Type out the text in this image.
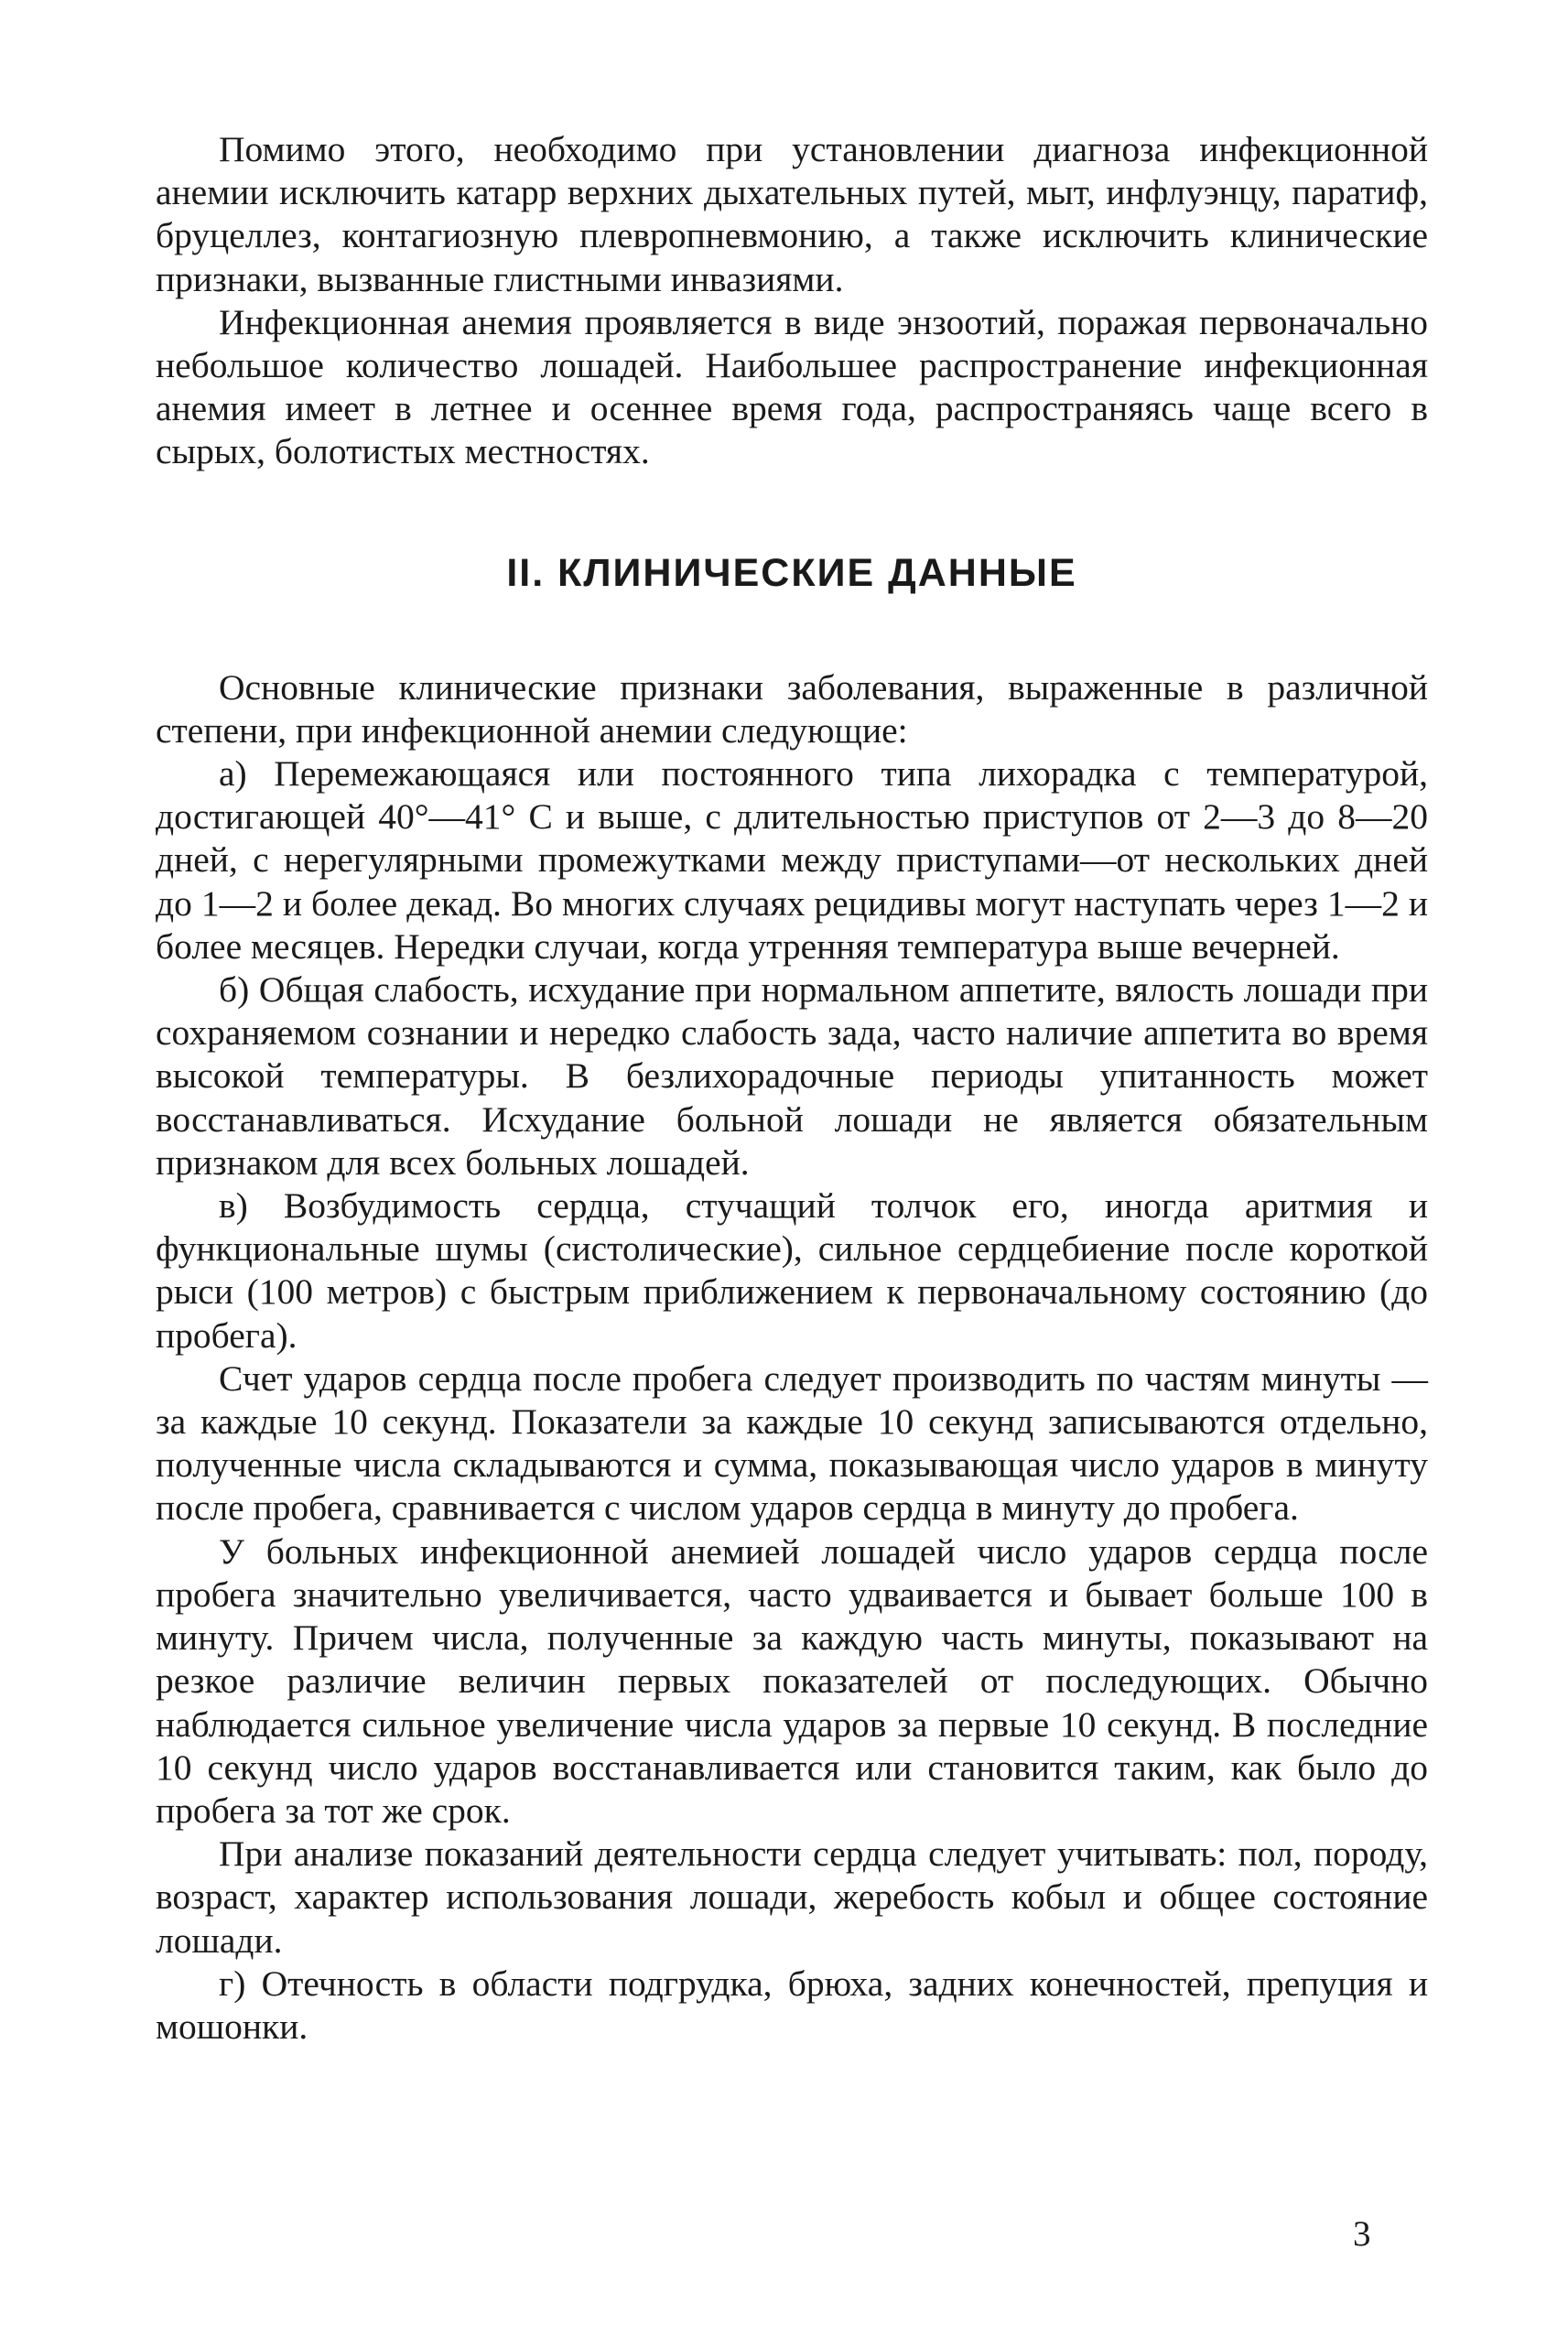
Помимо этого, необходимо при установлении диагноза инфекционной анемии исключить катарр верхних дыхательных путей, мыт, инфлуэнцу, паратиф, бруцеллез, контагиозную плевропневмонию, а также исключить клинические признаки, вызванные глистными инвазиями.

Инфекционная анемия проявляется в виде энзоотий, поражая первоначально небольшое количество лошадей. Наибольшее распространение инфекционная анемия имеет в летнее и осеннее время года, распространяясь чаще всего в сырых, болотистых местностях.

II. КЛИНИЧЕСКИЕ ДАННЫЕ

Основные клинические признаки заболевания, выраженные в различной степени, при инфекционной анемии следующие:

а) Перемежающаяся или постоянного типа лихорадка с температурой, достигающей 40°—41° С и выше, с длительностью приступов от 2—3 до 8—20 дней, с нерегулярными промежутками между приступами—от нескольких дней до 1—2 и более декад. Во многих случаях рецидивы могут наступать через 1—2 и более месяцев. Нередки случаи, когда утренняя температура выше вечерней.

б) Общая слабость, исхудание при нормальном аппетите, вялость лошади при сохраняемом сознании и нередко слабость зада, часто наличие аппетита во время высокой температуры. В безлихорадочные периоды упитанность может восстанавливаться. Исхудание больной лошади не является обязательным признаком для всех больных лошадей.

в) Возбудимость сердца, стучащий толчок его, иногда аритмия и функциональные шумы (систолические), сильное сердцебиение после короткой рыси (100 метров) с быстрым приближением к первоначальному состоянию (до пробега).

Счет ударов сердца после пробега следует производить по частям минуты — за каждые 10 секунд. Показатели за каждые 10 секунд записываются отдельно, полученные числа складываются и сумма, показывающая число ударов в минуту после пробега, сравнивается с числом ударов сердца в минуту до пробега.

У больных инфекционной анемией лошадей число ударов сердца после пробега значительно увеличивается, часто удваивается и бывает больше 100 в минуту. Причем числа, полученные за каждую часть минуты, показывают на резкое различие величин первых показателей от последующих. Обычно наблюдается сильное увеличение числа ударов за первые 10 секунд. В последние 10 секунд число ударов восстанавливается или становится таким, как было до пробега за тот же срок.

При анализе показаний деятельности сердца следует учитывать: пол, породу, возраст, характер использования лошади, жеребость кобыл и общее состояние лошади.

г) Отечность в области подгрудка, брюха, задних конечностей, препуция и мошонки.

3
